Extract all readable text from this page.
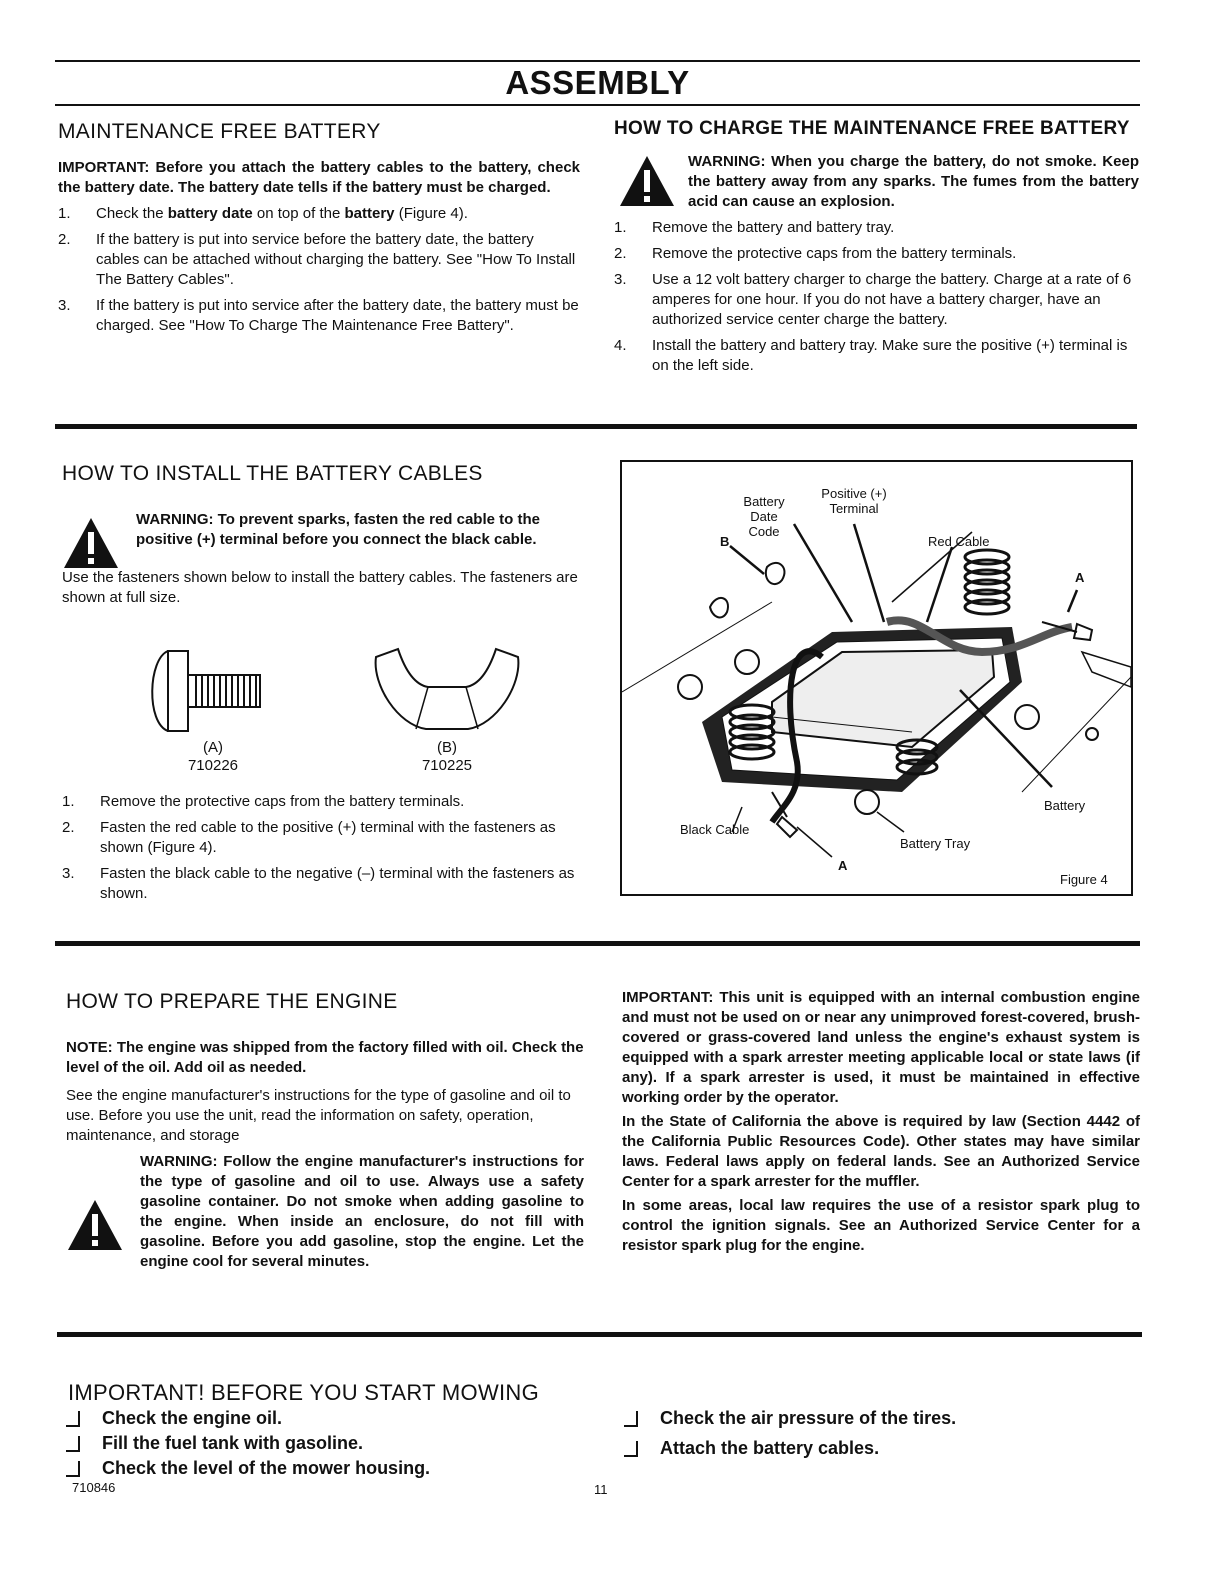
ASSEMBLY
MAINTENANCE FREE BATTERY
IMPORTANT: Before you attach the battery cables to the battery, check the battery date. The battery date tells if the battery must be charged.
1. Check the battery date on top of the battery (Figure 4).
2. If the battery is put into service before the battery date, the battery cables can be attached without charging the battery. See "How To Install The Battery Cables".
3. If the battery is put into service after the battery date, the battery must be charged. See "How To Charge The Maintenance Free Battery".
HOW TO CHARGE THE MAINTENANCE FREE BATTERY
WARNING: When you charge the battery, do not smoke. Keep the battery away from any sparks. The fumes from the battery acid can cause an explosion.
1. Remove the battery and battery tray.
2. Remove the protective caps from the battery terminals.
3. Use a 12 volt battery charger to charge the battery. Charge at a rate of 6 amperes for one hour. If you do not have a battery charger, have an authorized service center charge the battery.
4. Install the battery and battery tray. Make sure the positive (+) terminal is on the left side.
HOW TO INSTALL THE BATTERY CABLES
WARNING: To prevent sparks, fasten the red cable to the positive (+) terminal before you connect the black cable.
Use the fasteners shown below to install the battery cables. The fasteners are shown at full size.
(A)
710226
(B)
710225
1. Remove the protective caps from the battery terminals.
2. Fasten the red cable to the positive (+) terminal with the fasteners as shown (Figure 4).
3. Fasten the black cable to the negative (–) terminal with the fasteners as shown.
Battery Date Code
Positive (+) Terminal
Red Cable
B
A
Black Cable
Battery Tray
A
Battery
Figure 4
HOW TO PREPARE THE ENGINE
NOTE: The engine was shipped from the factory filled with oil. Check the level of the oil. Add oil as needed.
See the engine manufacturer's instructions for the type of gasoline and oil to use. Before you use the unit, read the information on safety, operation, maintenance, and storage
WARNING: Follow the engine manufacturer's instructions for the type of gasoline and oil to use. Always use a safety gasoline container. Do not smoke when adding gasoline to the engine. When inside an enclosure, do not fill with gasoline. Before you add gasoline, stop the engine. Let the engine cool for several minutes.
IMPORTANT: This unit is equipped with an internal combustion engine and must not be used on or near any unimproved forest-covered, brush-covered or grass-covered land unless the engine's exhaust system is equipped with a spark arrester meeting applicable local or state laws (if any). If a spark arrester is used, it must be maintained in effective working order by the operator.
In the State of California the above is required by law (Section 4442 of the California Public Resources Code). Other states may have similar laws. Federal laws apply on federal lands. See an Authorized Service Center for a spark arrester for the muffler.
In some areas, local law requires the use of a resistor spark plug to control the ignition signals. See an Authorized Service Center for a resistor spark plug for the engine.
IMPORTANT! BEFORE YOU START MOWING
Check the engine oil.
Fill the fuel tank with gasoline.
Check the level of the mower housing.
Check the air pressure of the tires.
Attach the battery cables.
710846	11
